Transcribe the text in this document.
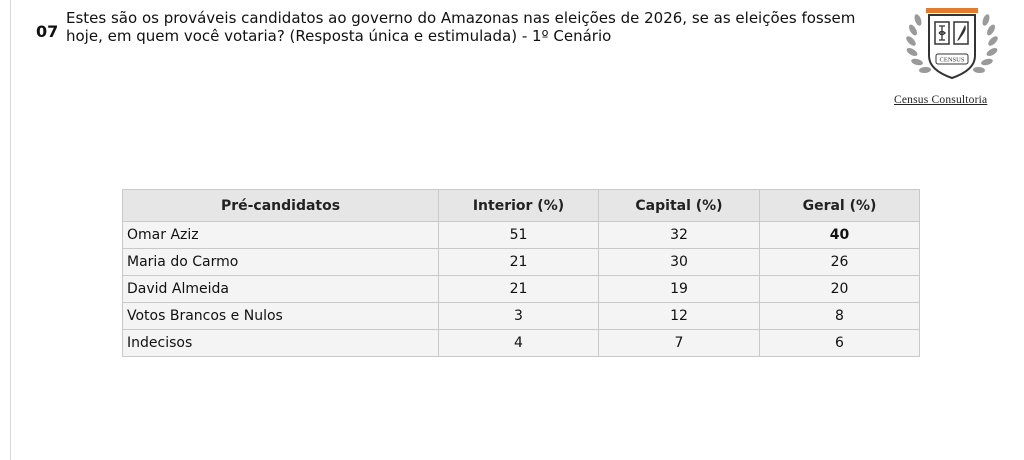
07
Estes são os prováveis candidatos ao governo do Amazonas nas eleições de 2026, se as eleições fossem hoje, em quem você votaria? (Resposta única e estimulada) - 1º Cenário
CENSUS
Census Consultoria
Pré-candidatos	Interior (%)	Capital (%)	Geral (%)
Omar Aziz	51	32	40
Maria do Carmo	21	30	26
David Almeida	21	19	20
Votos Brancos e Nulos	3	12	8
Indecisos	4	7	6
